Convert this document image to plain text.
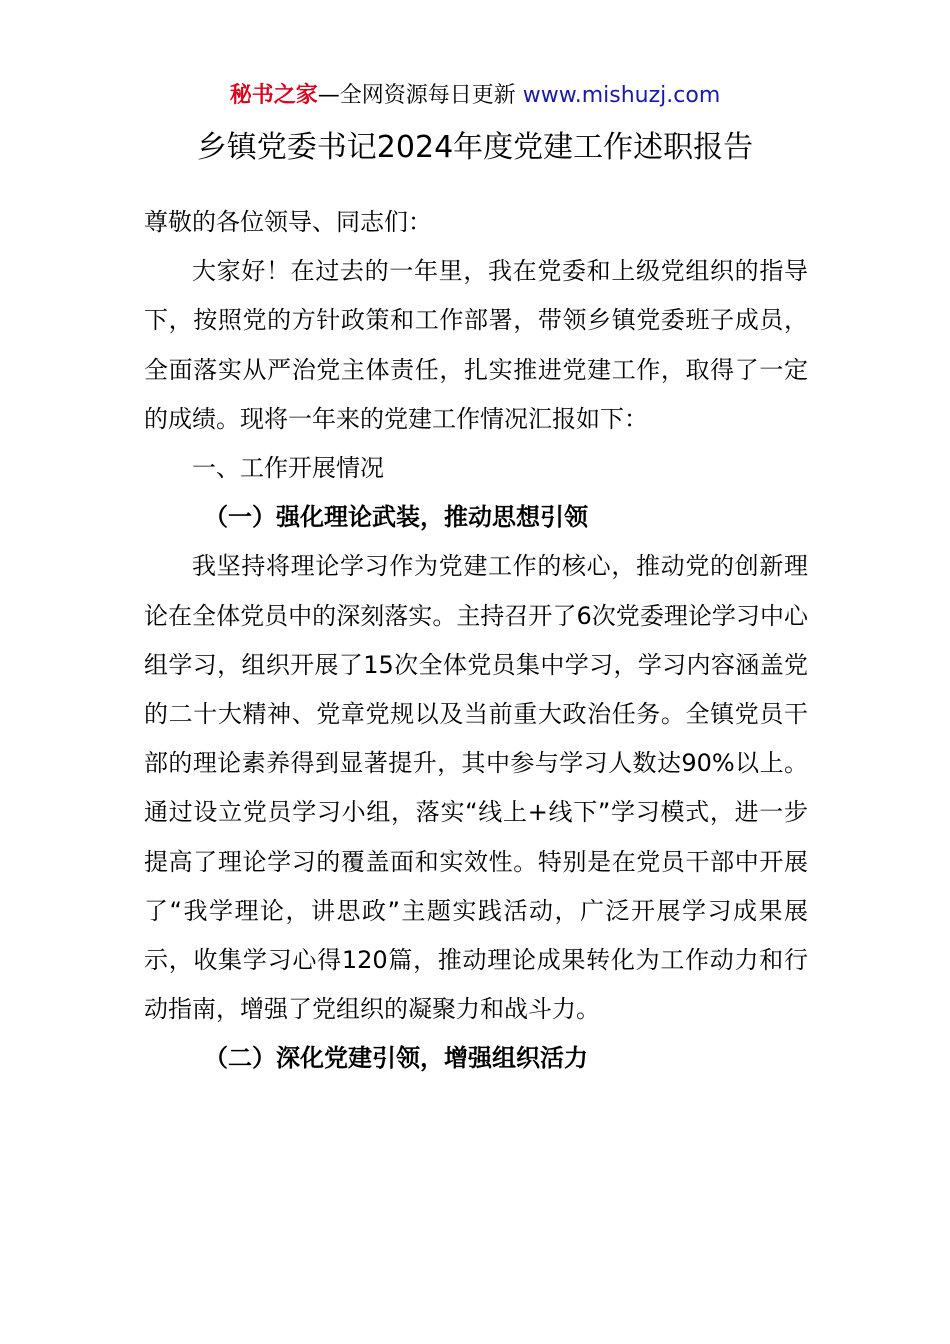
秘书之家—全网资源每日更新 www.mishuzj.com
乡镇党委书记2024年度党建工作述职报告

尊敬的各位领导、同志们：

大家好！在过去的一年里，我在党委和上级党组织的指导下，按照党的方针政策和工作部署，带领乡镇党委班子成员，全面落实从严治党主体责任，扎实推进党建工作，取得了一定的成绩。现将一年来的党建工作情况汇报如下：

一、工作开展情况

（一）强化理论武装，推动思想引领

我坚持将理论学习作为党建工作的核心，推动党的创新理论在全体党员中的深刻落实。主持召开了6次党委理论学习中心组学习，组织开展了15次全体党员集中学习，学习内容涵盖党的二十大精神、党章党规以及当前重大政治任务。全镇党员干部的理论素养得到显著提升，其中参与学习人数达90%以上。通过设立党员学习小组，落实“线上+线下”学习模式，进一步提高了理论学习的覆盖面和实效性。特别是在党员干部中开展了“我学理论，讲思政”主题实践活动，广泛开展学习成果展示，收集学习心得120篇，推动理论成果转化为工作动力和行动指南，增强了党组织的凝聚力和战斗力。

（二）深化党建引领，增强组织活力
